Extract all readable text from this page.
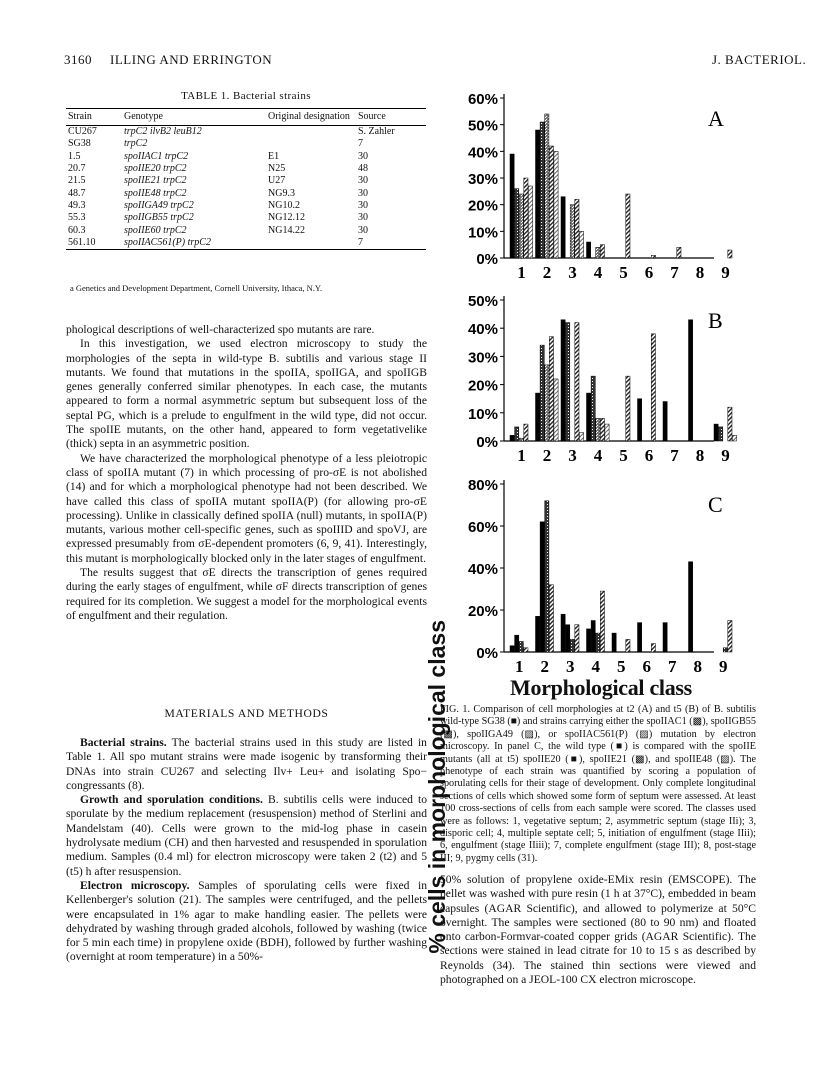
3160 ILLING AND ERRINGTON	J. BACTERIOL.
TABLE 1. Bacterial strains
Strain	Genotype	Original designation	Source
CU267	trpC2 ilvB2 leuB12		S. Zahler
SG38	trpC2		7
1.5	spoIIAC1 trpC2	E1	30
20.7	spoIIE20 trpC2	N25	48
21.5	spoIIE21 trpC2	U27	30
48.7	spoIIE48 trpC2	NG9.3	30
49.3	spoIIGA49 trpC2	NG10.2	30
55.3	spoIIGB55 trpC2	NG12.12	30
60.3	spoIIE60 trpC2	NG14.22	30
561.10	spoIIAC561(P) trpC2		7
a Genetics and Development Department, Cornell University, Ithaca, N.Y.

phological descriptions of well-characterized spo mutants are rare.

In this investigation, we used electron microscopy to study the morphologies of the septa in wild-type B. subtilis and various stage II mutants. We found that mutations in the spoIIA, spoIIGA, and spoIIGB genes generally conferred similar phenotypes. In each case, the mutants appeared to form a normal asymmetric septum but subsequent loss of the septal PG, which is a prelude to engulfment in the wild type, did not occur. The spoIIE mutants, on the other hand, appeared to form vegetativelike (thick) septa in an asymmetric position.

We have characterized the morphological phenotype of a less pleiotropic class of spoIIA mutant (7) in which processing of pro-σE is not abolished (14) and for which a morphological phenotype had not been described. We have called this class of spoIIA mutant spoIIA(P) (for allowing pro-σE processing). Unlike in classically defined spoIIA (null) mutants, in spoIIA(P) mutants, various mother cell-specific genes, such as spoIIID and spoVJ, are expressed presumably from σE-dependent promoters (6, 9, 41). Interestingly, this mutant is morphologically blocked only in the later stages of engulfment.

The results suggest that σE directs the transcription of genes required during the early stages of engulfment, while σF directs transcription of genes required for its completion. We suggest a model for the morphological events of engulfment and their regulation.

MATERIALS AND METHODS

Bacterial strains. The bacterial strains used in this study are listed in Table 1. All spo mutant strains were made isogenic by transforming their DNAs into strain CU267 and selecting Ilv+ Leu+ and isolating Spo− congressants (8).

Growth and sporulation conditions. B. subtilis cells were induced to sporulate by the medium replacement (resuspension) method of Sterlini and Mandelstam (40). Cells were grown to the mid-log phase in casein hydrolysate medium (CH) and then harvested and resuspended in sporulation medium. Samples (0.4 ml) for electron microscopy were taken 2 (t2) and 5 (t5) h after resuspension.

Electron microscopy. Samples of sporulating cells were fixed in Kellenberger's solution (21). The samples were centrifuged, and the pellets were encapsulated in 1% agar to make handling easier. The pellets were dehydrated by washing through graded alcohols, followed by washing (twice for 5 min each time) in propylene oxide (BDH), followed by further washing (overnight at room temperature) in a 50%-

0%
10%
20%
30%
40%
50%
60%
A
1 2 3 4 5 6 7 8 9
0%
10%
20%
30%
40%
50%
B
1 2 3 4 5 6 7 8 9
0%
20%
40%
60%
80%
C
1 2 3 4 5 6 7 8 9
% cells in morphological class	Morphological class
FIG. 1. Comparison of cell morphologies at t2 (A) and t5 (B) of B. subtilis wild-type SG38 (■) and strains carrying either the spoIIAC1 (▩), spoIIGB55 (▩), spoIIGA49 (▨), or spoIIAC561(P) (▨) mutation by electron microscopy. In panel C, the wild type (■) is compared with the spoIIE mutants (all at t5) spoIIE20 (■), spoIIE21 (▩), and spoIIE48 (▨). The phenotype of each strain was quantified by scoring a population of sporulating cells for their stage of development. Only complete longitudinal sections of cells which showed some form of septum were assessed. At least 100 cross-sections of cells from each sample were scored. The classes used were as follows: 1, vegetative septum; 2, asymmetric septum (stage IIi); 3, disporic cell; 4, multiple septate cell; 5, initiation of engulfment (stage IIii); 6, engulfment (stage IIiii); 7, complete engulfment (stage III); 8, post-stage III; 9, pygmy cells (31).

50% solution of propylene oxide-EMix resin (EMSCOPE). The pellet was washed with pure resin (1 h at 37°C), embedded in beam capsules (AGAR Scientific), and allowed to polymerize at 50°C overnight. The samples were sectioned (80 to 90 nm) and floated onto carbon-Formvar-coated copper grids (AGAR Scientific). The sections were stained in lead citrate for 10 to 15 s as described by Reynolds (34). The stained thin sections were viewed and photographed on a JEOL-100 CX electron microscope.
